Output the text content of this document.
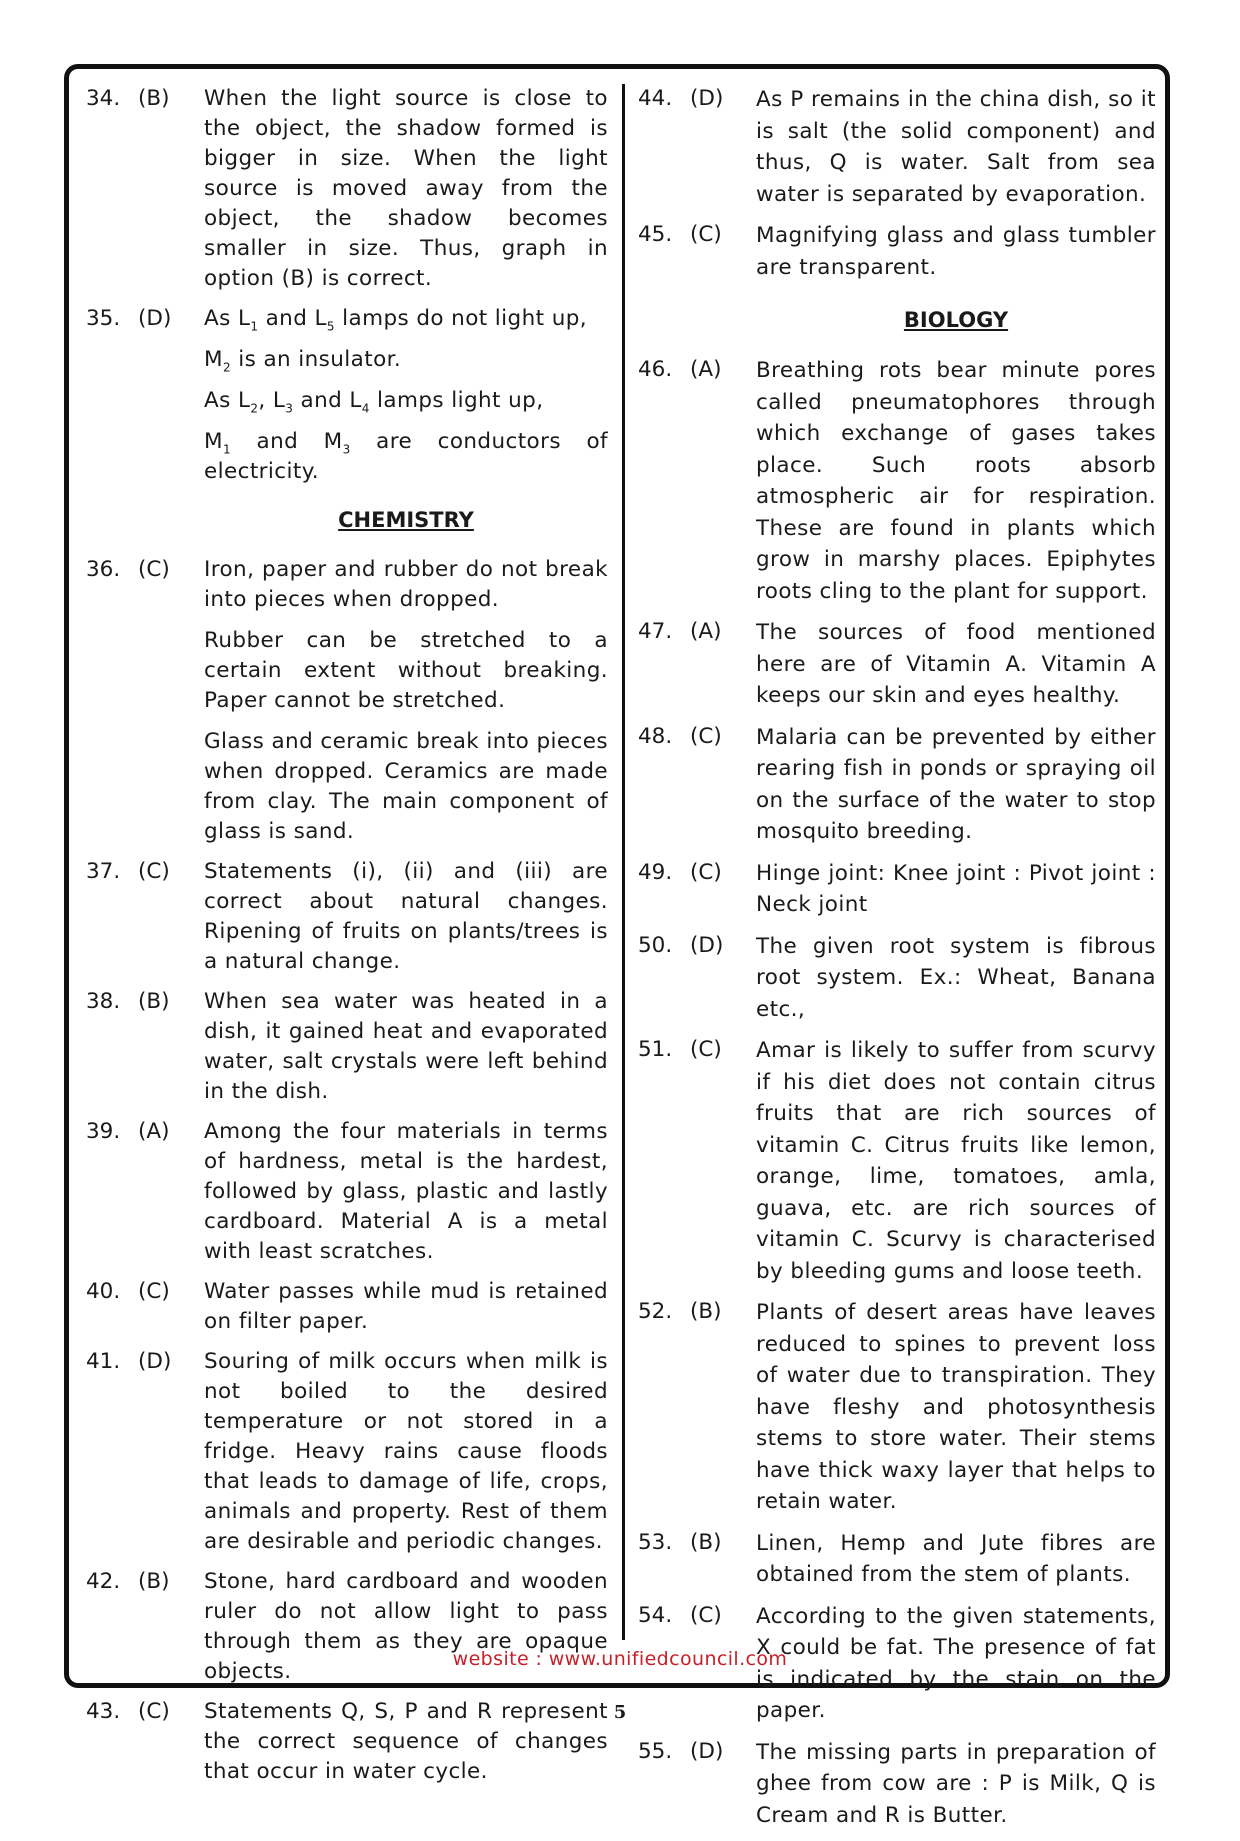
34. (B)	When the light source is close to the object, the shadow formed is bigger in size. When the light source is moved away from the object, the shadow becomes smaller in size. Thus, graph in option (B) is correct.

35. (D)	As $L_1$ and $L_5$ lamps do not light up,

$M_2$ is an insulator.

As $L_2$, $L_3$ and $L_4$ lamps light up,

$M_1$ and $M_3$ are conductors of electricity.

CHEMISTRY
36. (C)	Iron, paper and rubber do not break into pieces when dropped.

Rubber can be stretched to a certain extent without breaking. Paper cannot be stretched.

Glass and ceramic break into pieces when dropped. Ceramics are made from clay. The main component of glass is sand.

37. (C)	Statements (i), (ii) and (iii) are correct about natural changes. Ripening of fruits on plants/trees is a natural change.

38. (B)	When sea water was heated in a dish, it gained heat and evaporated water, salt crystals were left behind in the dish.

39. (A)	Among the four materials in terms of hardness, metal is the hardest, followed by glass, plastic and lastly cardboard. Material A is a metal with least scratches.

40. (C)	Water passes while mud is retained on filter paper.

41. (D)	Souring of milk occurs when milk is not boiled to the desired temperature or not stored in a fridge. Heavy rains cause floods that leads to damage of life, crops, animals and property. Rest of them are desirable and periodic changes.

42. (B)	Stone, hard cardboard and wooden ruler do not allow light to pass through them as they are opaque objects.

43. (C)	Statements Q, S, P and R represent the correct sequence of changes that occur in water cycle.

44. (D)	As P remains in the china dish, so it is salt (the solid component) and thus, Q is water. Salt from sea water is separated by evaporation.

45. (C)	Magnifying glass and glass tumbler are transparent.

BIOLOGY
46. (A)	Breathing rots bear minute pores called pneumatophores through which exchange of gases takes place. Such roots absorb atmospheric air for respiration. These are found in plants which grow in marshy places. Epiphytes roots cling to the plant for support.

47. (A)	The sources of food mentioned here are of Vitamin A. Vitamin A keeps our skin and eyes healthy.

48. (C)	Malaria can be prevented by either rearing fish in ponds or spraying oil on the surface of the water to stop mosquito breeding.

49. (C)	Hinge joint: Knee joint : Pivot joint : Neck joint

50. (D)	The given root system is fibrous root system. Ex.: Wheat, Banana etc.,

51. (C)	Amar is likely to suffer from scurvy if his diet does not contain citrus fruits that are rich sources of vitamin C. Citrus fruits like lemon, orange, lime, tomatoes, amla, guava, etc. are rich sources of vitamin C. Scurvy is characterised by bleeding gums and loose teeth.

52. (B)	Plants of desert areas have leaves reduced to spines to prevent loss of water due to transpiration. They have fleshy and photosynthesis stems to store water. Their stems have thick waxy layer that helps to retain water.

53. (B)	Linen, Hemp and Jute fibres are obtained from the stem of plants.

54. (C)	According to the given statements, X could be fat. The presence of fat is indicated by the stain on the paper.

55. (D)	The missing parts in preparation of ghee from cow are : P is Milk, Q is Cream and R is Butter.

website : www.unifiedcouncil.com
5
